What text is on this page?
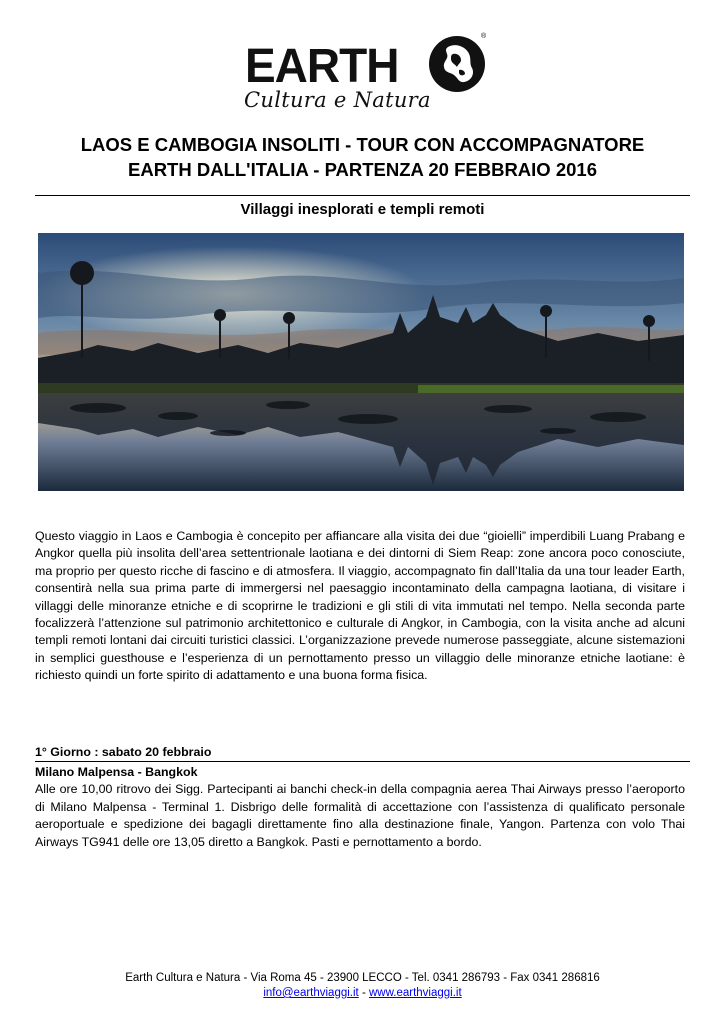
EARTH
®
Cultura e Natura
LAOS E CAMBOGIA INSOLITI - TOUR CON ACCOMPAGNATORE
EARTH DALL'ITALIA - PARTENZA 20 FEBBRAIO 2016
Villaggi inesplorati e templi remoti

Questo viaggio in Laos e Cambogia è concepito per affiancare alla visita dei due “gioielli” imperdibili Luang Prabang e Angkor quella più insolita dell’area settentrionale laotiana e dei dintorni di Siem Reap: zone ancora poco conosciute, ma proprio per questo ricche di fascino e di atmosfera. Il viaggio, accompagnato fin dall’Italia da una tour leader Earth, consentirà nella sua prima parte di immergersi nel paesaggio incontaminato della campagna laotiana, di visitare i villaggi delle minoranze etniche e di scoprirne le tradizioni e gli stili di vita immutati nel tempo. Nella seconda parte focalizzerà l’attenzione sul patrimonio architettonico e culturale di Angkor, in Cambogia, con la visita anche ad alcuni templi remoti lontani dai circuiti turistici classici. L’organizzazione prevede numerose passeggiate, alcune sistemazioni in semplici guesthouse e l’esperienza di un pernottamento presso un villaggio delle minoranze etniche laotiane: è richiesto quindi un forte spirito di adattamento e una buona forma fisica.

1° Giorno : sabato 20 febbraio
Milano Malpensa - Bangkok

Alle ore 10,00 ritrovo dei Sigg. Partecipanti ai banchi check-in della compagnia aerea Thai Airways presso l’aeroporto di Milano Malpensa - Terminal 1. Disbrigo delle formalità di accettazione con l’assistenza di qualificato personale aeroportuale e spedizione dei bagagli direttamente fino alla destinazione finale, Yangon. Partenza con volo Thai Airways TG941 delle ore 13,05 diretto a Bangkok. Pasti e pernottamento a bordo.

Earth Cultura e Natura - Via Roma 45 - 23900 LECCO - Tel. 0341 286793 - Fax 0341 286816
info@earthviaggi.it - www.earthviaggi.it
